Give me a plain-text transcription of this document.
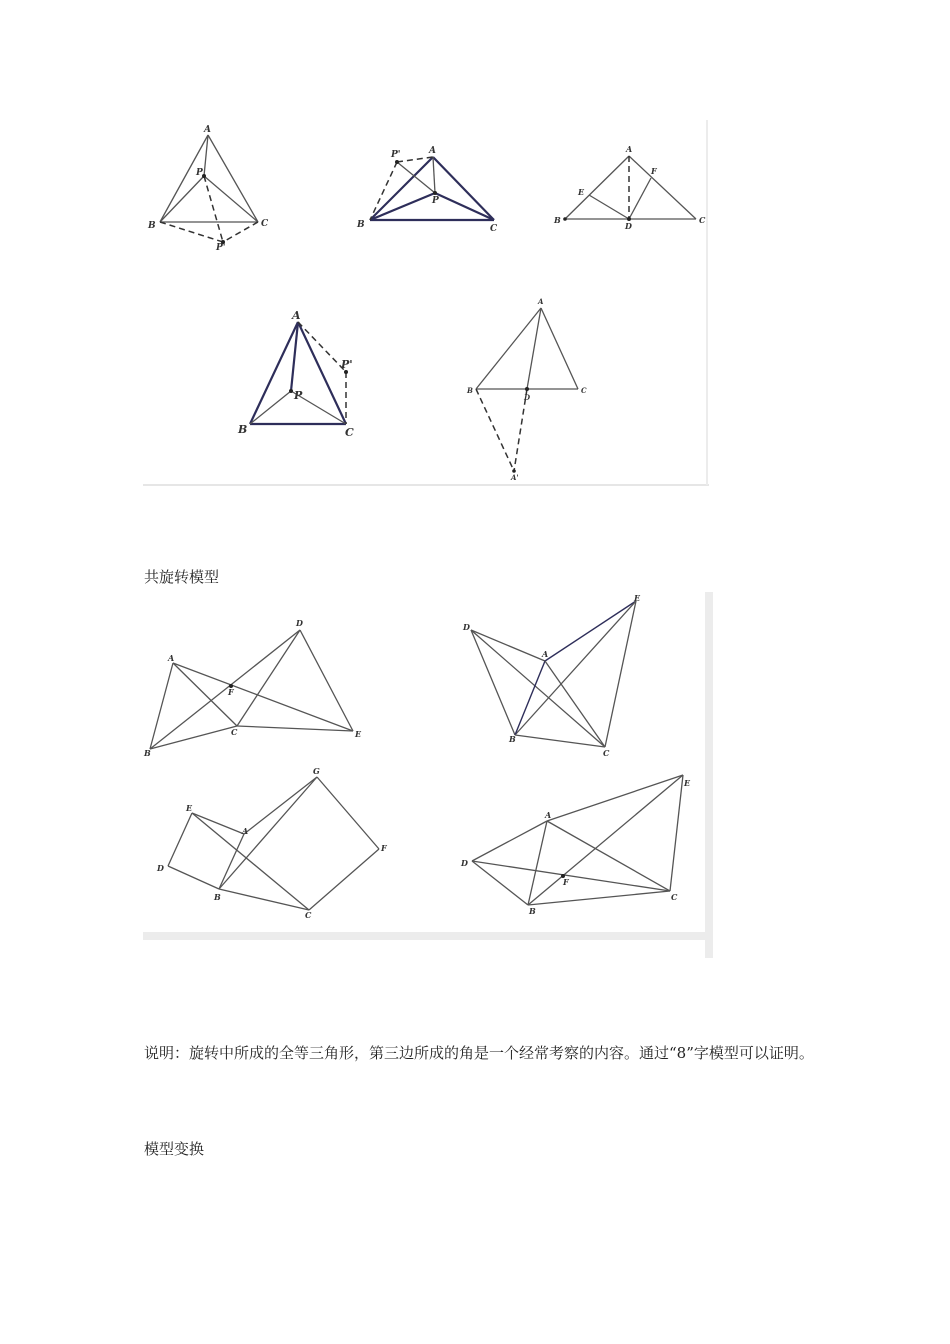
A
P
B	C
P'
P'	A
P
B	C
A
E
F
B
D
C
A
P'
P
B	C
A
B
D
C
A'
共旋转模型
D
A
F
B
C	E
D
E
A
B
C
G
E
A
D
F
B
C
E
A
D
F
B
C
说明：旋转中所成的全等三角形，第三边所成的角是一个经常考察的内容。通过“8”字模型可以证明。
模型变换
